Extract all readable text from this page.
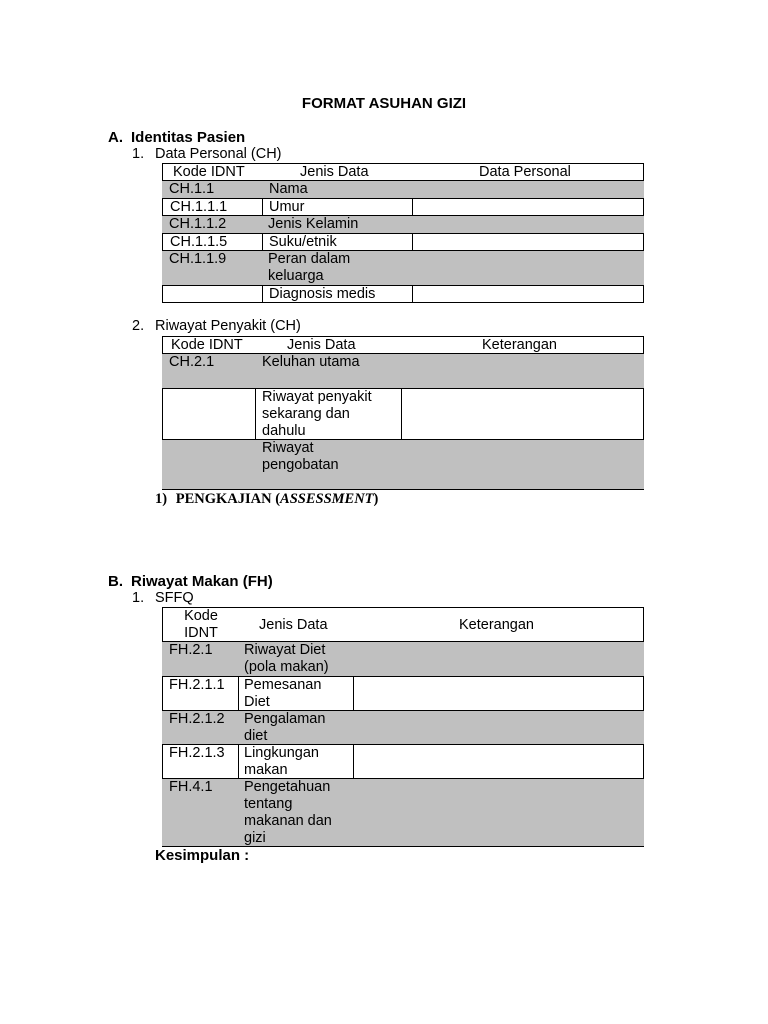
FORMAT ASUHAN GIZI
A. Identitas Pasien
1. Data Personal (CH)
Kode IDNT	Jenis Data	Data Personal
CH.1.1	Nama
CH.1.1.1	Umur
CH.1.1.2	Jenis Kelamin
CH.1.1.5	Suku/etnik
CH.1.1.9	Peran dalam
keluarga
Diagnosis medis
2. Riwayat Penyakit (CH)
Kode IDNT	Jenis Data	Keterangan
CH.2.1	Keluhan utama
Riwayat penyakit
sekarang dan
dahulu
Riwayat
pengobatan
1) PENGKAJIAN (ASSESSMENT)
B. Riwayat Makan (FH)
1. SFFQ
Kode
IDNT	Jenis Data	Keterangan
FH.2.1 Riwayat Diet
(pola makan)
FH.2.1.1 Pemesanan
Diet
FH.2.1.2 Pengalaman
diet
FH.2.1.3 Lingkungan
makan
FH.4.1 Pengetahuan
tentang
makanan dan
gizi
Kesimpulan :
